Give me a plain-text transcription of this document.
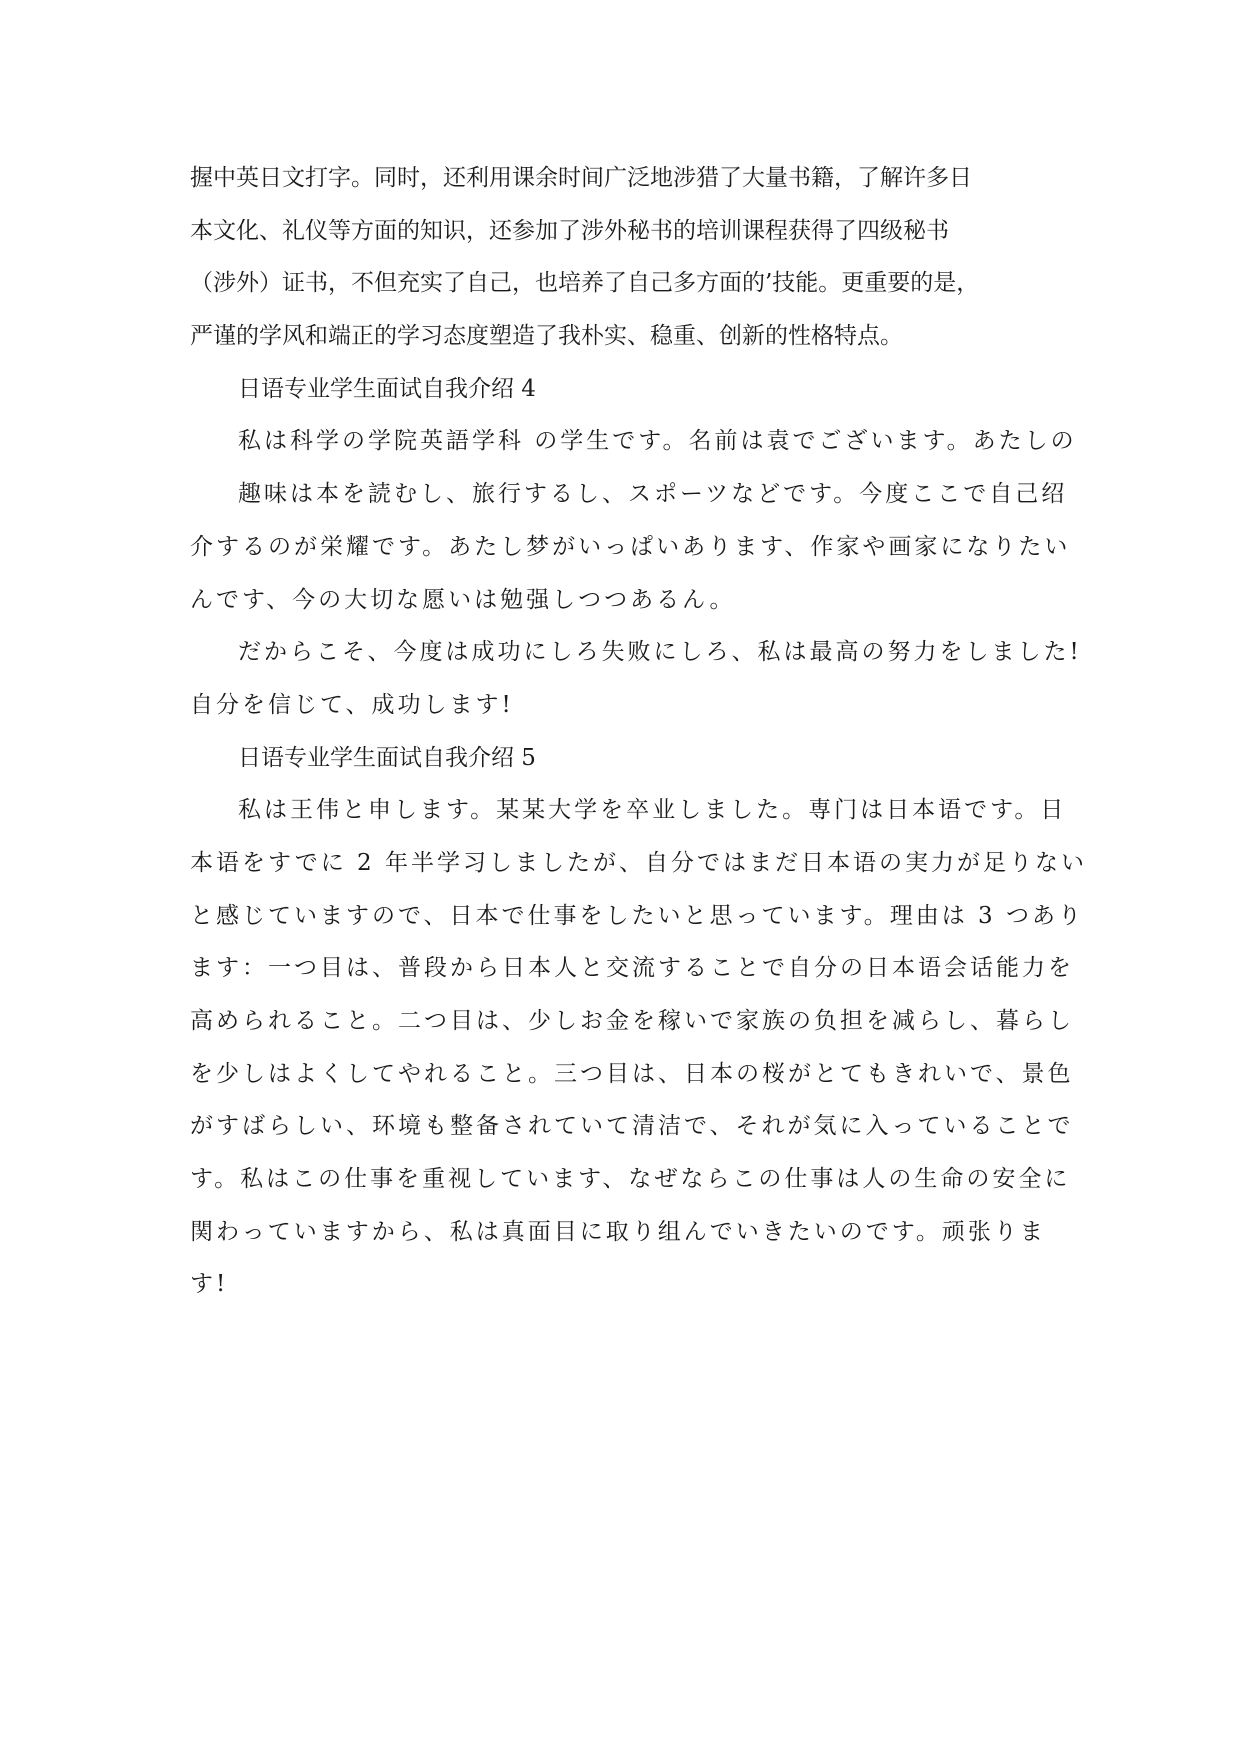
握中英日文打字。同时，还利用课余时间广泛地涉猎了大量书籍，了解许多日
本文化、礼仪等方面的知识，还参加了涉外秘书的培训课程获得了四级秘书
（涉外）证书，不但充实了自己，也培养了自己多方面的’技能。更重要的是，
严谨的学风和端正的学习态度塑造了我朴实、稳重、创新的性格特点。
日语专业学生面试自我介绍 4
私は科学の学院英語学科 の学生です。名前は袁でございます。あたしの
趣味は本を読むし、旅行するし、スポーツなどです。今度ここで自己绍
介するのが栄耀です。あたし梦がいっぱいあります、作家や画家になりたい
んです、今の大切な愿いは勉强しつつあるん。
だからこそ、今度は成功にしろ失败にしろ、私は最高の努力をしました!
自分を信じて、成功します!
日语专业学生面试自我介绍 5
私は王伟と申します。某某大学を卒业しました。専门は日本语です。日
本语をすでに 2 年半学习しましたが、自分ではまだ日本语の実力が足りない
と感じていますので、日本で仕事をしたいと思っています。理由は 3 つあり
ます：一つ目は、普段から日本人と交流することで自分の日本语会话能力を
高められること。二つ目は、少しお金を稼いで家族の负担を减らし、暮らし
を少しはよくしてやれること。三つ目は、日本の桜がとてもきれいで、景色
がすばらしい、环境も整备されていて清洁で、それが気に入っていることで
す。私はこの仕事を重视しています、なぜならこの仕事は人の生命の安全に
関わっていますから、私は真面目に取り组んでいきたいのです。顽张りま
す!
